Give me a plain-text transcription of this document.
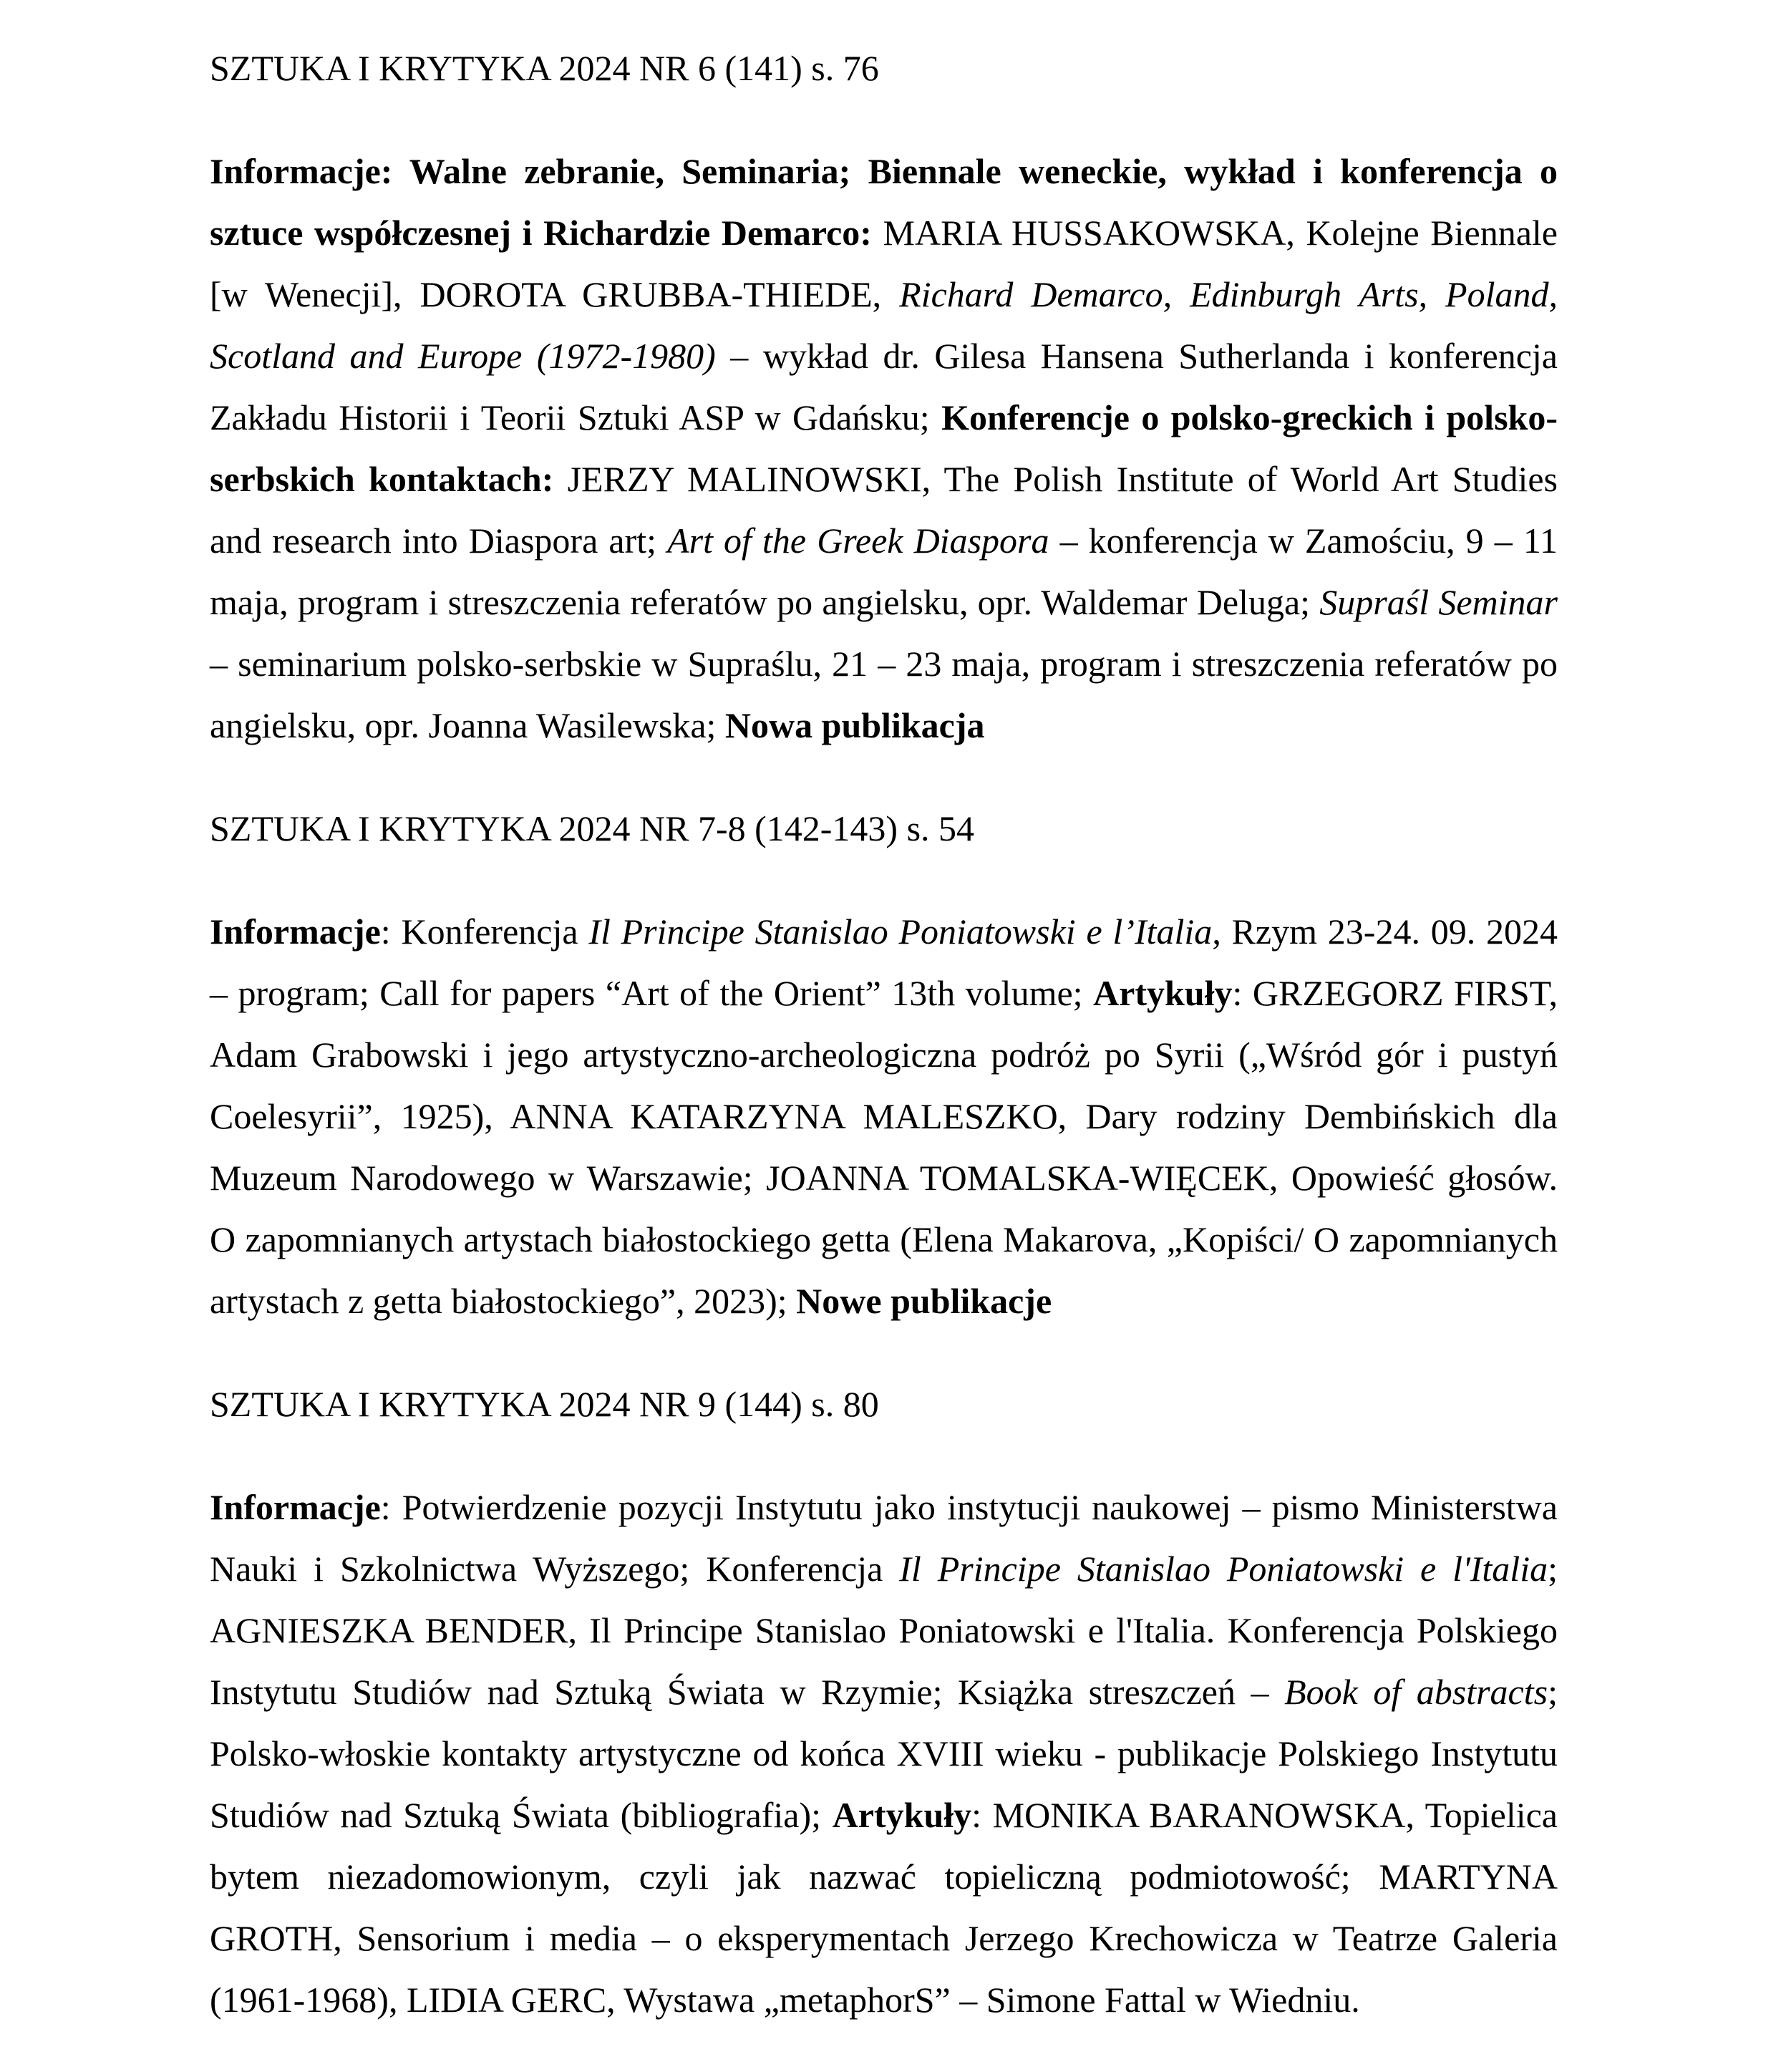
SZTUKA I KRYTYKA 2024 NR 6 (141) s. 76
Informacje: Walne zebranie, Seminaria; Biennale weneckie, wykład i konferencja o sztuce współczesnej i Richardzie Demarco: MARIA HUSSAKOWSKA, Kolejne Biennale [w Wenecji], DOROTA GRUBBA-THIEDE, Richard Demarco, Edinburgh Arts, Poland, Scotland and Europe (1972-1980) – wykład dr. Gilesa Hansena Sutherlanda i konferencja Zakładu Historii i Teorii Sztuki ASP w Gdańsku; Konferencje o polsko-greckich i polsko-serbskich kontaktach: JERZY MALINOWSKI, The Polish Institute of World Art Studies and research into Diaspora art; Art of the Greek Diaspora – konferencja w Zamościu, 9 – 11 maja, program i streszczenia referatów po angielsku, opr. Waldemar Deluga; Supraśl Seminar – seminarium polsko-serbskie w Supraślu, 21 – 23 maja, program i streszczenia referatów po angielsku, opr. Joanna Wasilewska; Nowa publikacja
SZTUKA I KRYTYKA 2024 NR 7-8 (142-143) s. 54
Informacje: Konferencja Il Principe Stanislao Poniatowski e l’Italia, Rzym 23-24. 09. 2024 – program; Call for papers “Art of the Orient” 13th volume; Artykuły: GRZEGORZ FIRST, Adam Grabowski i jego artystyczno-archeologiczna podróż po Syrii („Wśród gór i pustyń Coelesyrii”, 1925), ANNA KATARZYNA MALESZKO, Dary rodziny Dembińskich dla Muzeum Narodowego w Warszawie; JOANNA TOMALSKA-WIĘCEK, Opowieść głosów. O zapomnianych artystach białostockiego getta (Elena Makarova, „Kopiści/ O zapomnianych artystach z getta białostockiego”, 2023); Nowe publikacje
SZTUKA I KRYTYKA 2024 NR 9 (144) s. 80
Informacje: Potwierdzenie pozycji Instytutu jako instytucji naukowej – pismo Ministerstwa Nauki i Szkolnictwa Wyższego; Konferencja Il Principe Stanislao Poniatowski e l'Italia; AGNIESZKA BENDER, Il Principe Stanislao Poniatowski e l'Italia. Konferencja Polskiego Instytutu Studiów nad Sztuką Świata w Rzymie; Książka streszczeń – Book of abstracts; Polsko-włoskie kontakty artystyczne od końca XVIII wieku - publikacje Polskiego Instytutu Studiów nad Sztuką Świata (bibliografia); Artykuły: MONIKA BARANOWSKA, Topielica bytem niezadomowionym, czyli jak nazwać topieliczną podmiotowość; MARTYNA GROTH, Sensorium i media – o eksperymentach Jerzego Krechowicza w Teatrze Galeria (1961-1968), LIDIA GERC, Wystawa „metaphorS” – Simone Fattal w Wiedniu.
